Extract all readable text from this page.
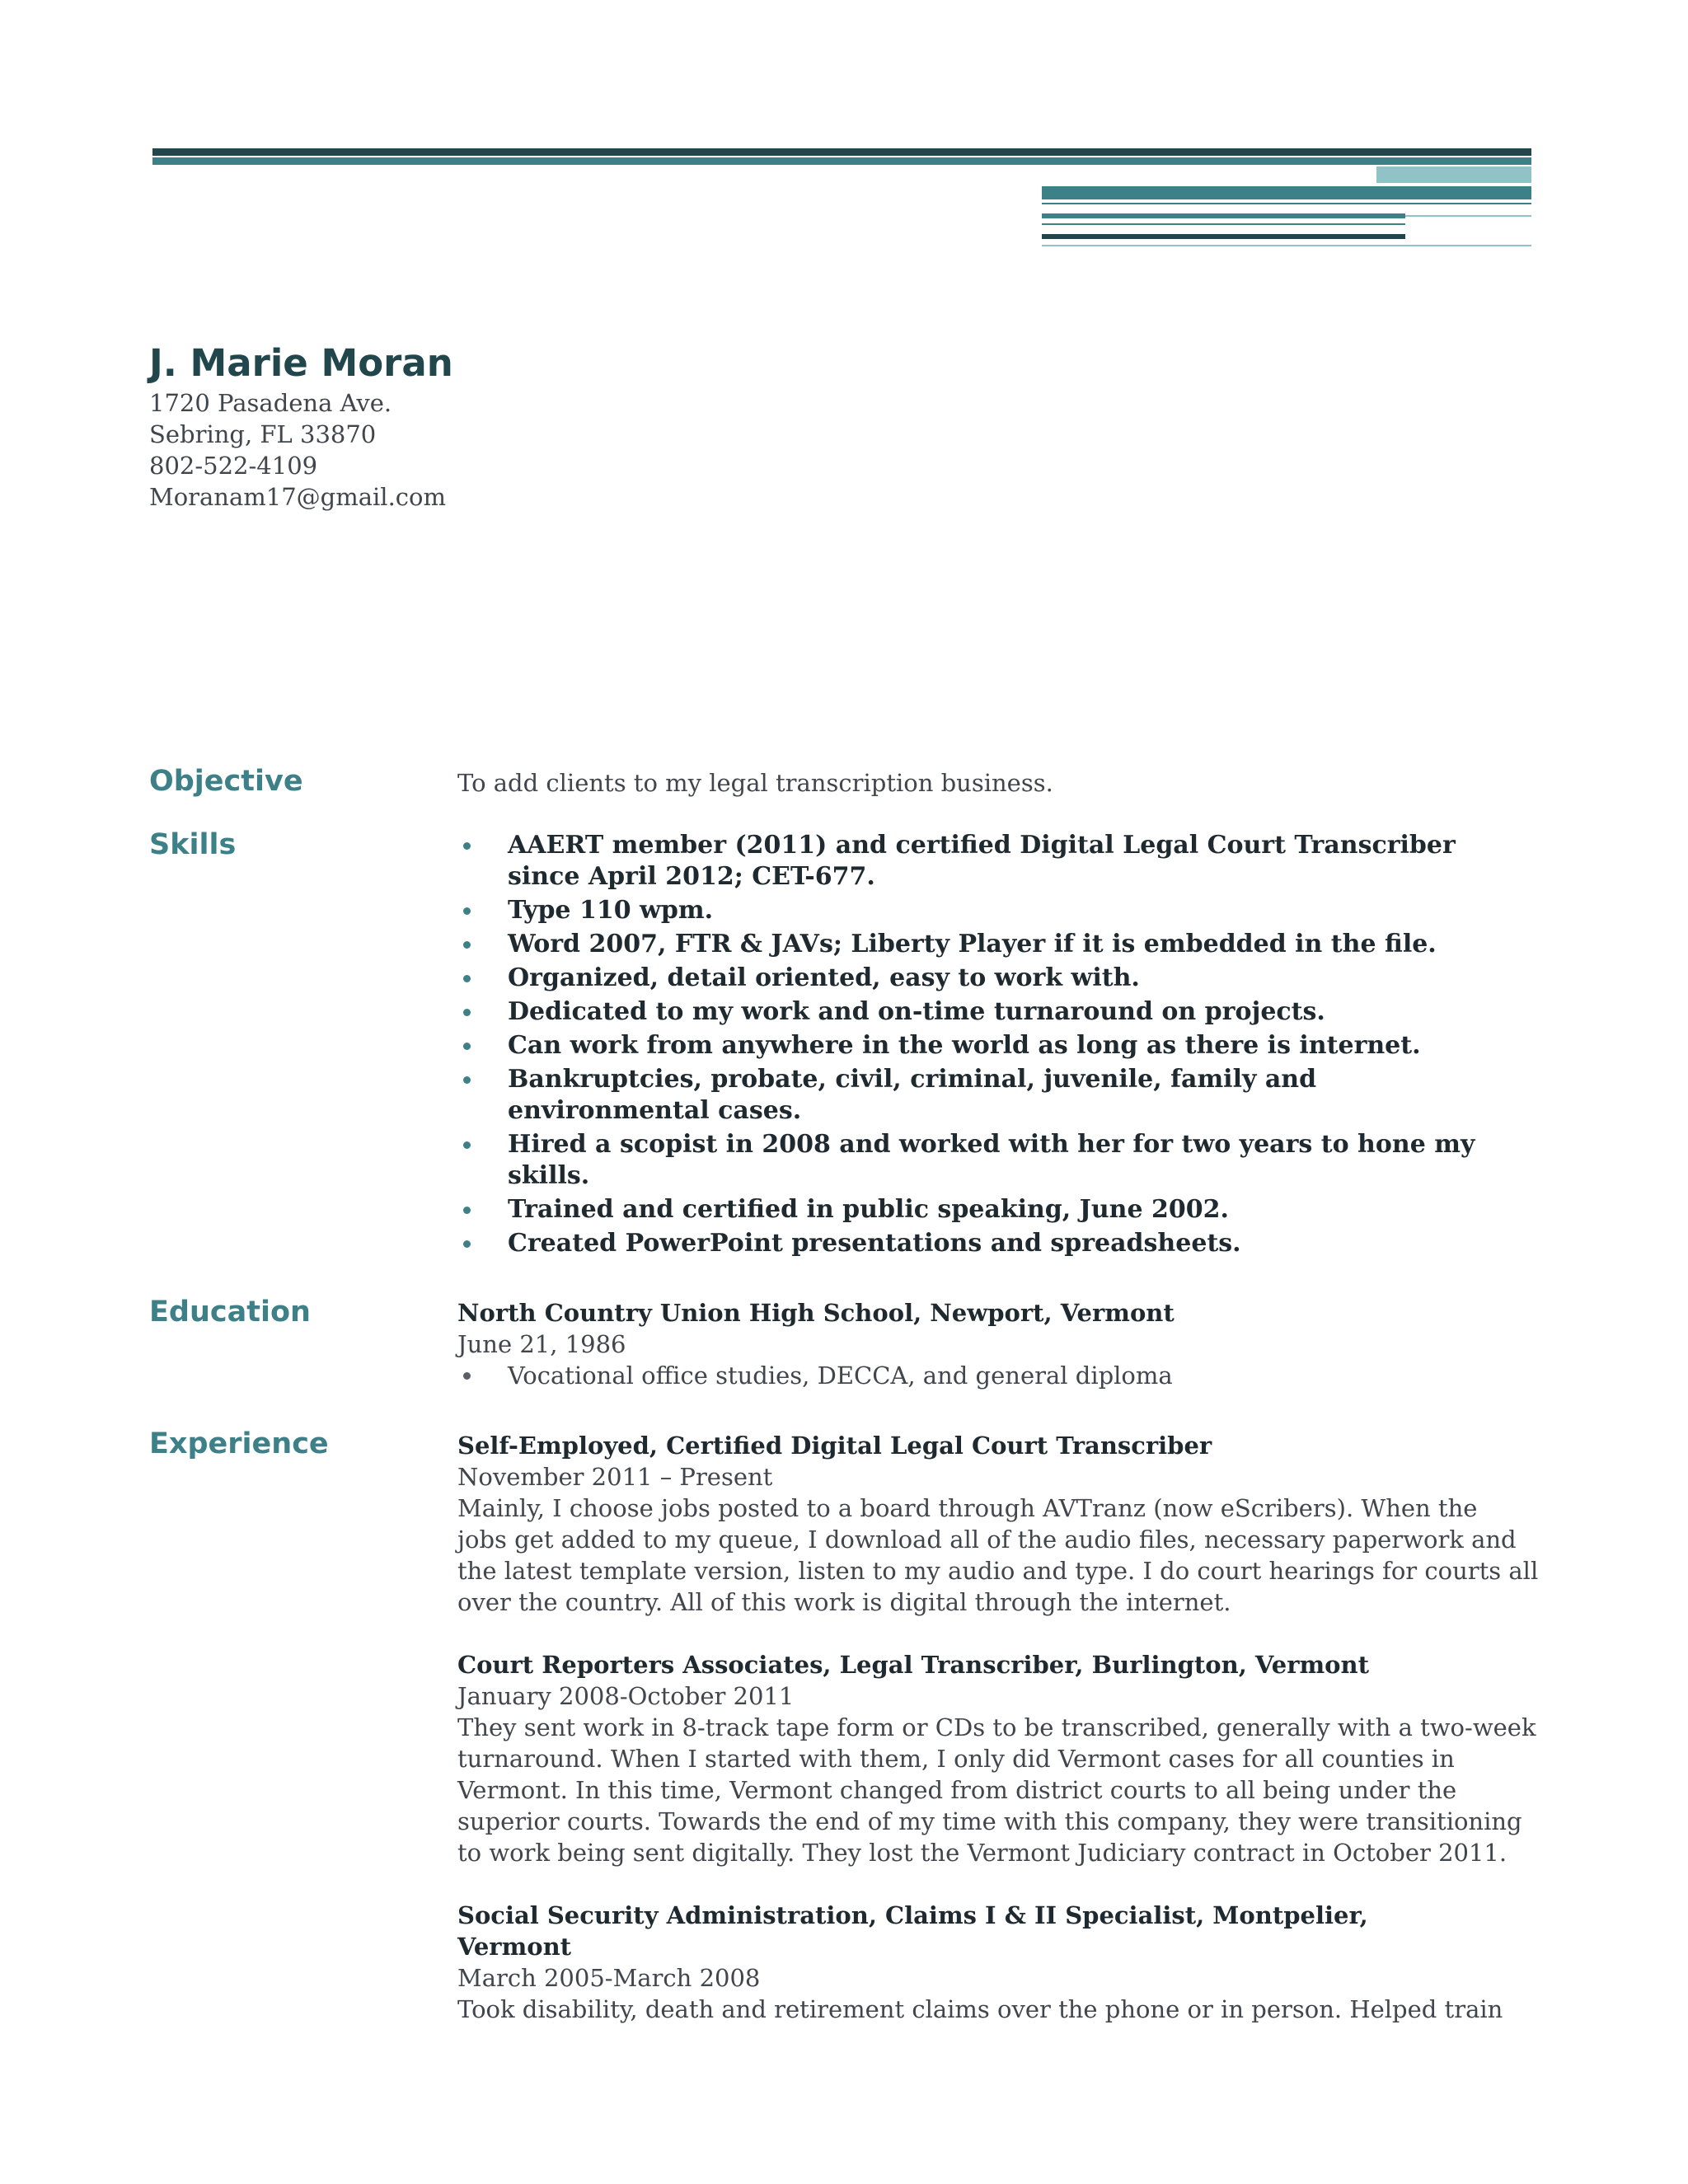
J. Marie Moran
1720 Pasadena Ave.
Sebring, FL 33870
802-522-4109
Moranam17@gmail.com
Objective	To add clients to my legal transcription business.
Skills	AAERT member (2011) and certified Digital Legal Court Transcriber
since April 2012; CET-677.
Type 110 wpm.
Word 2007, FTR & JAVs; Liberty Player if it is embedded in the file.
Organized, detail oriented, easy to work with.
Dedicated to my work and on-time turnaround on projects.
Can work from anywhere in the world as long as there is internet.
Bankruptcies, probate, civil, criminal, juvenile, family and
environmental cases.
Hired a scopist in 2008 and worked with her for two years to hone my
skills.
Trained and certified in public speaking, June 2002.
Created PowerPoint presentations and spreadsheets.
Education	North Country Union High School, Newport, Vermont
June 21, 1986
Vocational office studies, DECCA, and general diploma
Experience	Self-Employed, Certified Digital Legal Court Transcriber
November 2011 – Present
Mainly, I choose jobs posted to a board through AVTranz (now eScribers). When the
jobs get added to my queue, I download all of the audio files, necessary paperwork and
the latest template version, listen to my audio and type. I do court hearings for courts all
over the country. All of this work is digital through the internet.
Court Reporters Associates, Legal Transcriber, Burlington, Vermont
January 2008-October 2011
They sent work in 8-track tape form or CDs to be transcribed, generally with a two-week
turnaround. When I started with them, I only did Vermont cases for all counties in
Vermont. In this time, Vermont changed from district courts to all being under the
superior courts. Towards the end of my time with this company, they were transitioning
to work being sent digitally. They lost the Vermont Judiciary contract in October 2011.
Social Security Administration, Claims I & II Specialist, Montpelier,
Vermont
March 2005-March 2008
Took disability, death and retirement claims over the phone or in person. Helped train
